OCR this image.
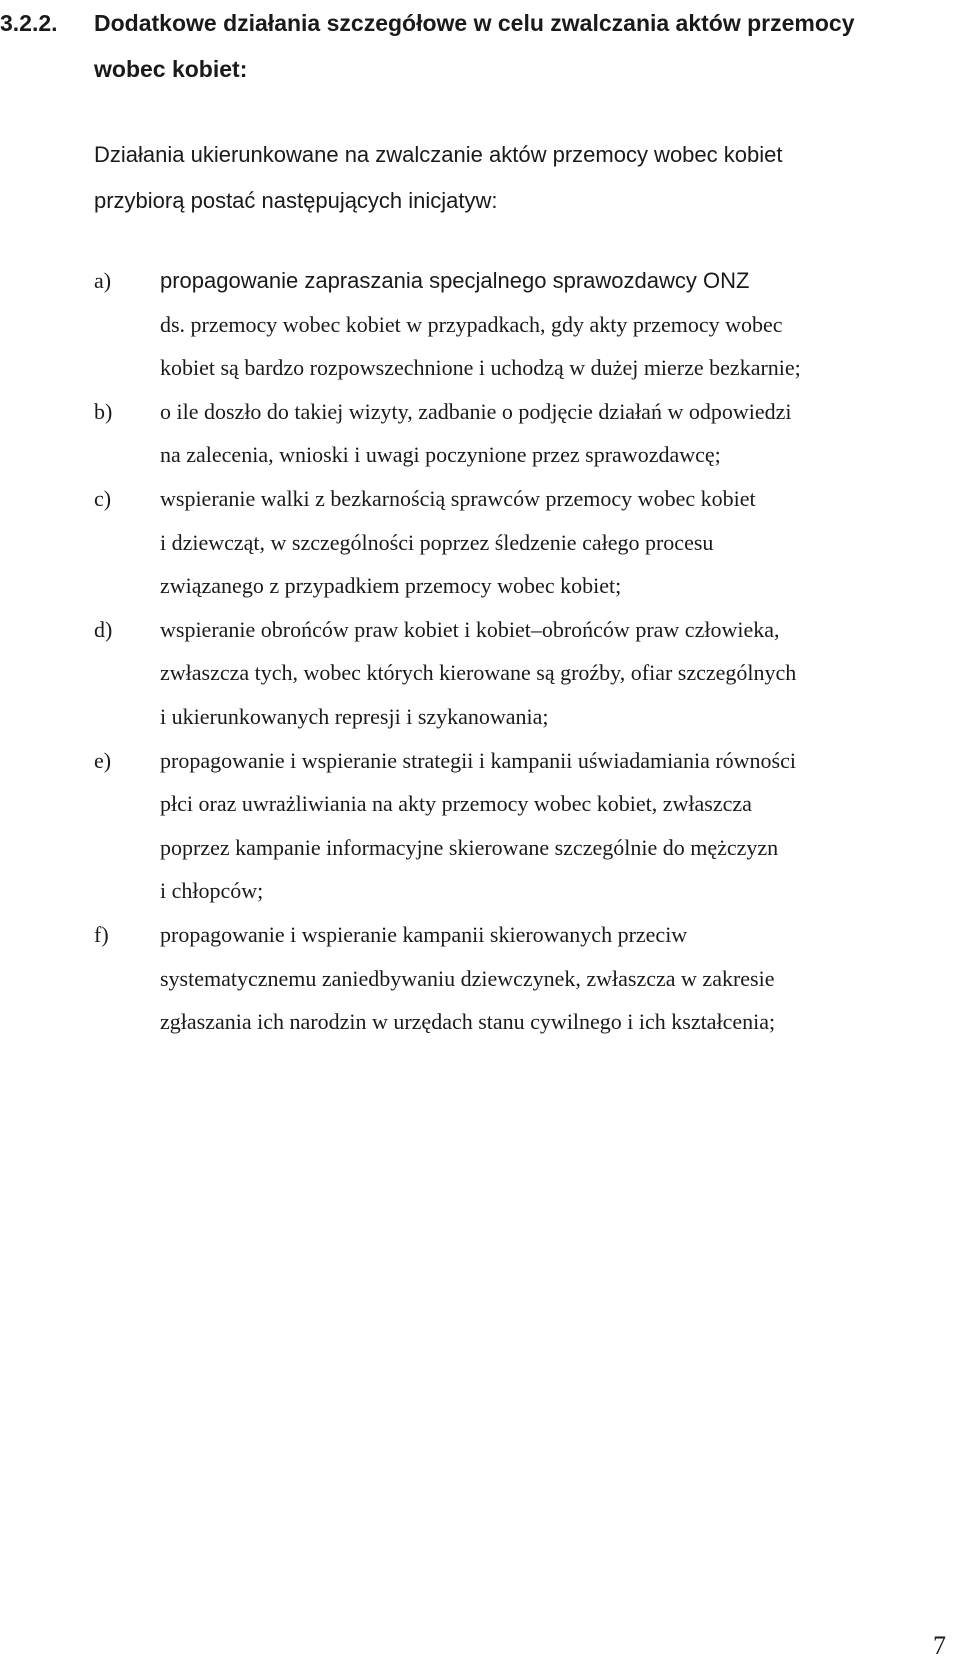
3.2.2. Dodatkowe działania szczegółowe w celu zwalczania aktów przemocy
wobec kobiet:
Działania ukierunkowane na zwalczanie aktów przemocy wobec kobiet
przybiorą postać następujących inicjatyw:
a) propagowanie zapraszania specjalnego sprawozdawcy ONZ
ds. przemocy wobec kobiet w przypadkach, gdy akty przemocy wobec
kobiet są bardzo rozpowszechnione i uchodzą w dużej mierze bezkarnie;
b) o ile doszło do takiej wizyty, zadbanie o podjęcie działań w odpowiedzi
na zalecenia, wnioski i uwagi poczynione przez sprawozdawcę;
c) wspieranie walki z bezkarnością sprawców przemocy wobec kobiet
i dziewcząt, w szczególności poprzez śledzenie całego procesu
związanego z przypadkiem przemocy wobec kobiet;
d) wspieranie obrońców praw kobiet i kobiet–obrońców praw człowieka,
zwłaszcza tych, wobec których kierowane są groźby, ofiar szczególnych
i ukierunkowanych represji i szykanowania;
e) propagowanie i wspieranie strategii i kampanii uświadamiania równości
płci oraz uwrażliwiania na akty przemocy wobec kobiet, zwłaszcza
poprzez kampanie informacyjne skierowane szczególnie do mężczyzn
i chłopców;
f) propagowanie i wspieranie kampanii skierowanych przeciw
systematycznemu zaniedbywaniu dziewczynek, zwłaszcza w zakresie
zgłaszania ich narodzin w urzędach stanu cywilnego i ich kształcenia;
7
